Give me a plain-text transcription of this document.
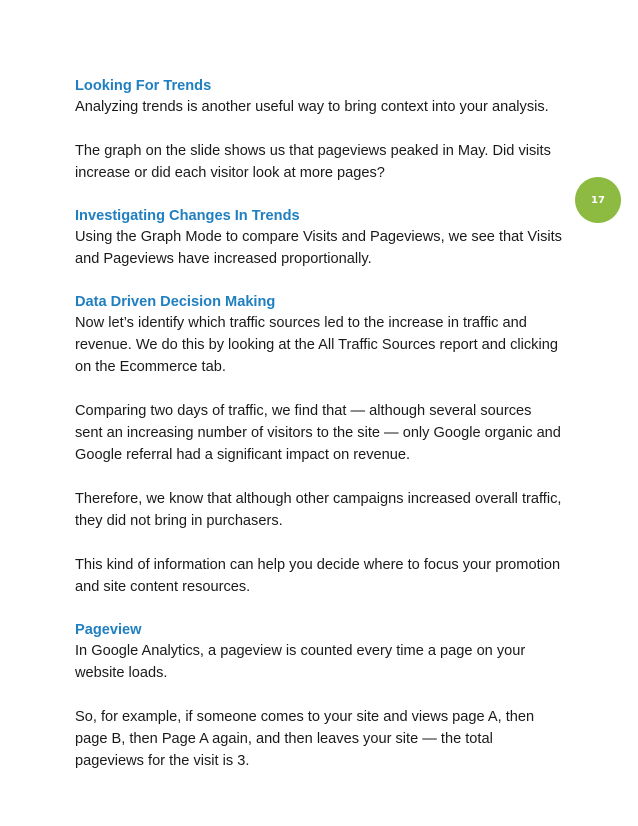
Looking For Trends

Analyzing trends is another useful way to bring context into your analysis.

The graph on the slide shows us that pageviews peaked in May. Did visits
increase or did each visitor look at more pages?

Investigating Changes In Trends

Using the Graph Mode to compare Visits and Pageviews, we see that Visits
and Pageviews have increased proportionally.

Data Driven Decision Making

Now let’s identify which traffic sources led to the increase in traffic and
revenue. We do this by looking at the All Traffic Sources report and clicking
on the Ecommerce tab.

Comparing two days of traffic, we find that — although several sources
sent an increasing number of visitors to the site — only Google organic and
Google referral had a significant impact on revenue.

Therefore, we know that although other campaigns increased overall traffic,
they did not bring in purchasers.

This kind of information can help you decide where to focus your promotion
and site content resources.

Pageview

In Google Analytics, a pageview is counted every time a page on your
website loads.

So, for example, if someone comes to your site and views page A, then
page B, then Page A again, and then leaves your site — the total
pageviews for the visit is 3.

17
